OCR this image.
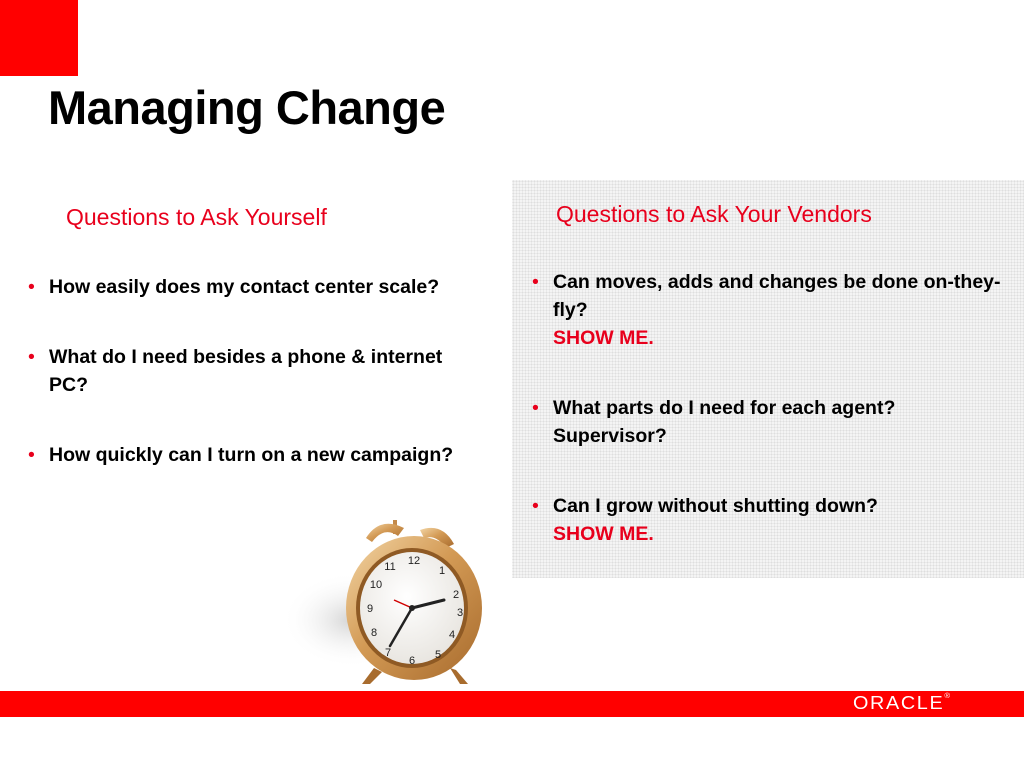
Managing Change
Questions to Ask Yourself
• How easily does my contact center scale?
• What do I need besides a phone & internet PC?
• How quickly can I turn on a new campaign?
Questions to Ask Your Vendors
• Can moves, adds and changes be done on-they-fly?
SHOW ME.
• What parts do I need for each agent? Supervisor?
• Can I grow without shutting down?
SHOW ME.
12
1
2
3
4
5
6
7
8
9
10
11
ORACLE®
